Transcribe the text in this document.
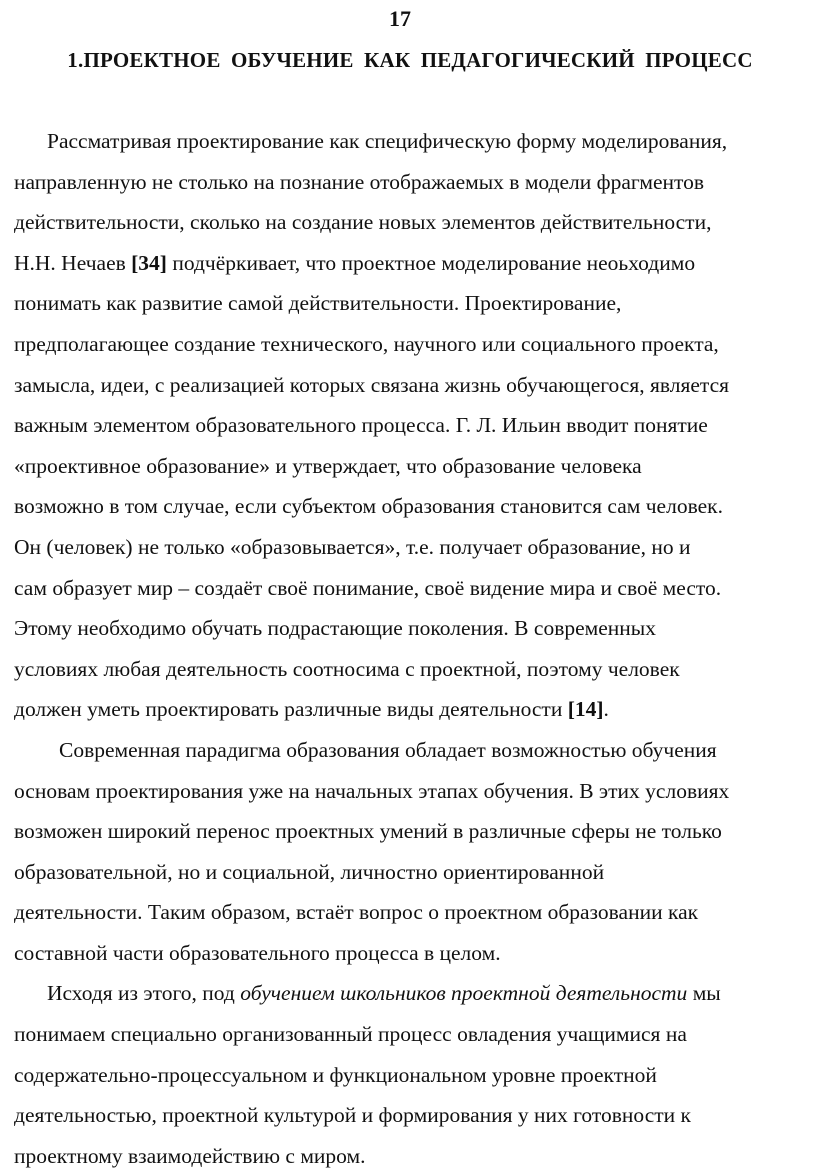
17
1.ПРОЕКТНОЕ ОБУЧЕНИЕ КАК ПЕДАГОГИЧЕСКИЙ ПРОЦЕСС
Рассматривая проектирование как специфическую форму моделирования,
направленную не столько на познание отображаемых в модели фрагментов
действительности, сколько на создание новых элементов действительности,
Н.Н. Нечаев [34] подчёркивает, что проектное моделирование неоьходимо
понимать как развитие самой действительности. Проектирование,
предполагающее создание технического, научного или социального проекта,
замысла, идеи, с реализацией которых связана жизнь обучающегося, является
важным элементом образовательного процесса. Г. Л. Ильин вводит понятие
«проективное образование» и утверждает, что образование человека
возможно в том случае, если субъектом образования становится сам человек.
Он (человек) не только «образовывается», т.е. получает образование, но и
сам образует мир – создаёт своё понимание, своё видение мира и своё место.
Этому необходимо обучать подрастающие поколения. В современных
условиях любая деятельность соотносима с проектной, поэтому человек
должен уметь проектировать различные виды деятельности [14].
Современная парадигма образования обладает возможностью обучения
основам проектирования уже на начальных этапах обучения. В этих условиях
возможен широкий перенос проектных умений в различные сферы не только
образовательной, но и социальной, личностно ориентированной
деятельности. Таким образом, встаёт вопрос о проектном образовании как
составной части образовательного процесса в целом.
Исходя из этого, под обучением школьников проектной деятельности мы
понимаем специально организованный процесс овладения учащимися на
содержательно-процессуальном и функциональном уровне проектной
деятельностью, проектной культурой и формирования у них готовности к
проектному взаимодействию с миром.
